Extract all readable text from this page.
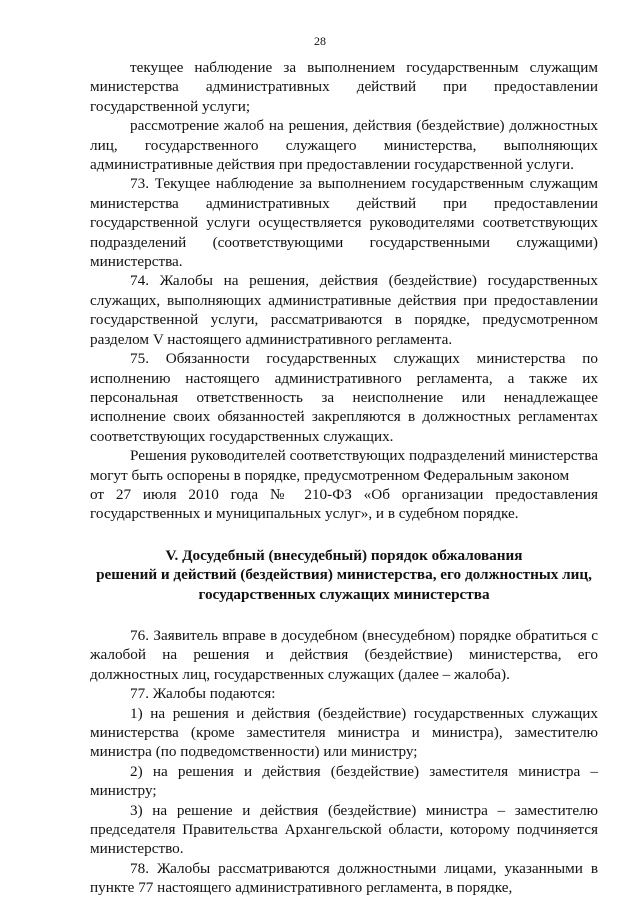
28

текущее наблюдение за выполнением государственным служащим министерства административных действий при предоставлении государственной услуги;

рассмотрение жалоб на решения, действия (бездействие) должностных лиц, государственного служащего министерства, выполняющих административные действия при предоставлении государственной услуги.

73. Текущее наблюдение за выполнением государственным служащим министерства административных действий при предоставлении государственной услуги осуществляется руководителями соответствующих подразделений (соответствующими государственными служащими) министерства.

74. Жалобы на решения, действия (бездействие) государственных служащих, выполняющих административные действия при предоставлении государственной услуги, рассматриваются в порядке, предусмотренном разделом V настоящего административного регламента.

75. Обязанности государственных служащих министерства по исполнению настоящего административного регламента, а также их персональная ответственность за неисполнение или ненадлежащее исполнение своих обязанностей закрепляются в должностных регламентах соответствующих государственных служащих.

Решения руководителей соответствующих подразделений министерства могут быть оспорены в порядке, предусмотренном Федеральным законом

от 27 июля 2010 года № 210-ФЗ «Об организации предоставления государственных и муниципальных услуг», и в судебном порядке.

V. Досудебный (внесудебный) порядок обжалования
решений и действий (бездействия) министерства, его должностных лиц,
государственных служащих министерства

76. Заявитель вправе в досудебном (внесудебном) порядке обратиться с жалобой на решения и действия (бездействие) министерства, его должностных лиц, государственных служащих (далее – жалоба).

77. Жалобы подаются:

1) на решения и действия (бездействие) государственных служащих министерства (кроме заместителя министра и министра), заместителю министра (по подведомственности) или министру;

2) на решения и действия (бездействие) заместителя министра – министру;

3) на решение и действия (бездействие) министра – заместителю председателя Правительства Архангельской области, которому подчиняется министерство.

78. Жалобы рассматриваются должностными лицами, указанными в пункте 77 настоящего административного регламента, в порядке,
